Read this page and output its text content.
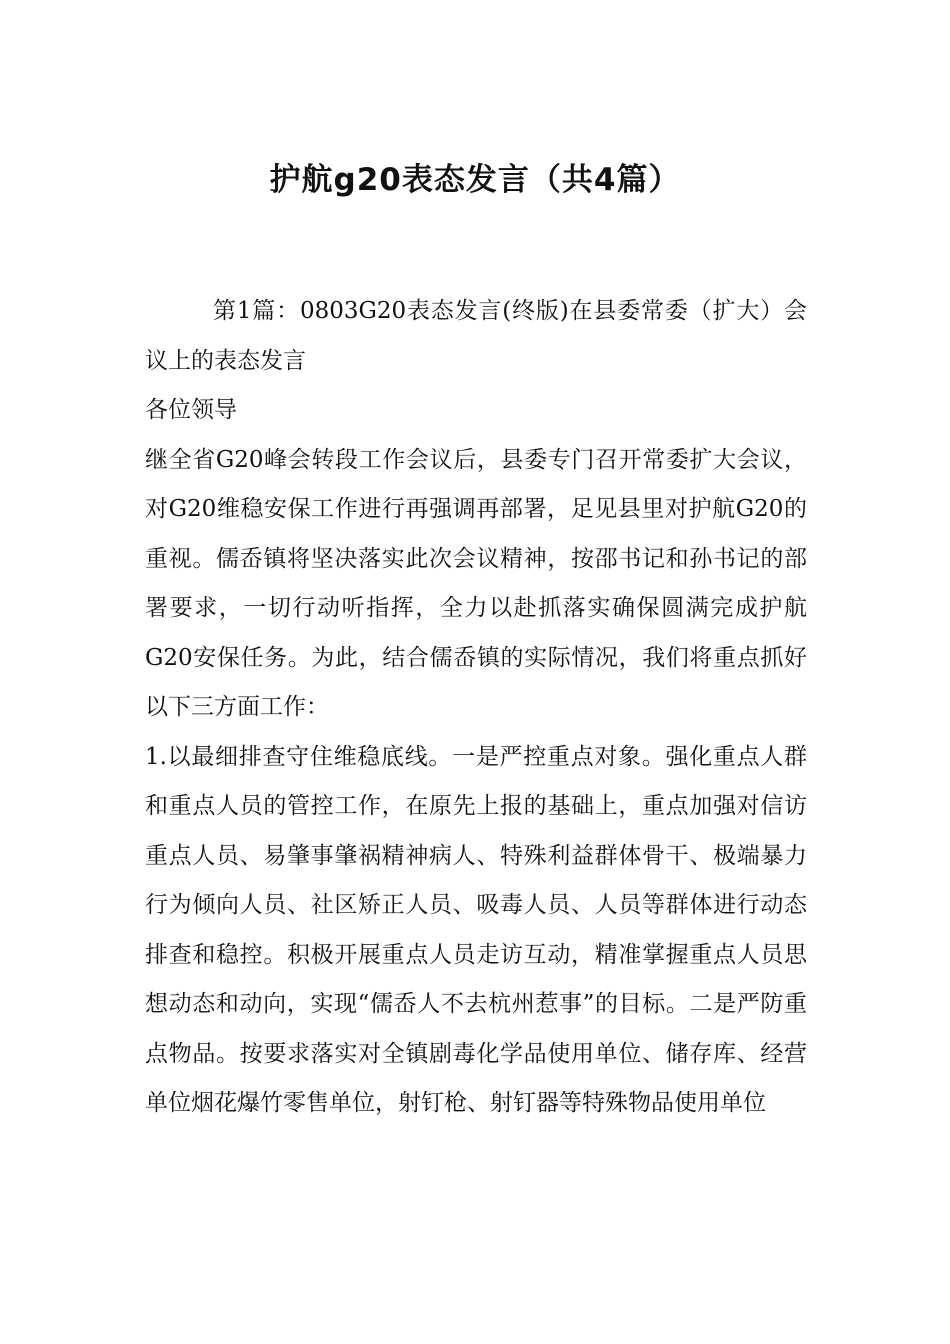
护航g20表态发言（共4篇）

第1篇：0803G20表态发言(终版)在县委常委（扩大）会议上的表态发言

各位领导

继全省G20峰会转段工作会议后，县委专门召开常委扩大会议，对G20维稳安保工作进行再强调再部署，足见县里对护航G20的重视。儒岙镇将坚决落实此次会议精神，按邵书记和孙书记的部署要求，一切行动听指挥，全力以赴抓落实确保圆满完成护航G20安保任务。为此，结合儒岙镇的实际情况，我们将重点抓好以下三方面工作：

1.以最细排查守住维稳底线。一是严控重点对象。强化重点人群和重点人员的管控工作，在原先上报的基础上，重点加强对信访重点人员、易肇事肇祸精神病人、特殊利益群体骨干、极端暴力行为倾向人员、社区矫正人员、吸毒人员、人员等群体进行动态排查和稳控。积极开展重点人员走访互动，精准掌握重点人员思想动态和动向，实现“儒岙人不去杭州惹事”的目标。二是严防重点物品。按要求落实对全镇剧毒化学品使用单位、储存库、经营单位烟花爆竹零售单位，射钉枪、射钉器等特殊物品使用单位
